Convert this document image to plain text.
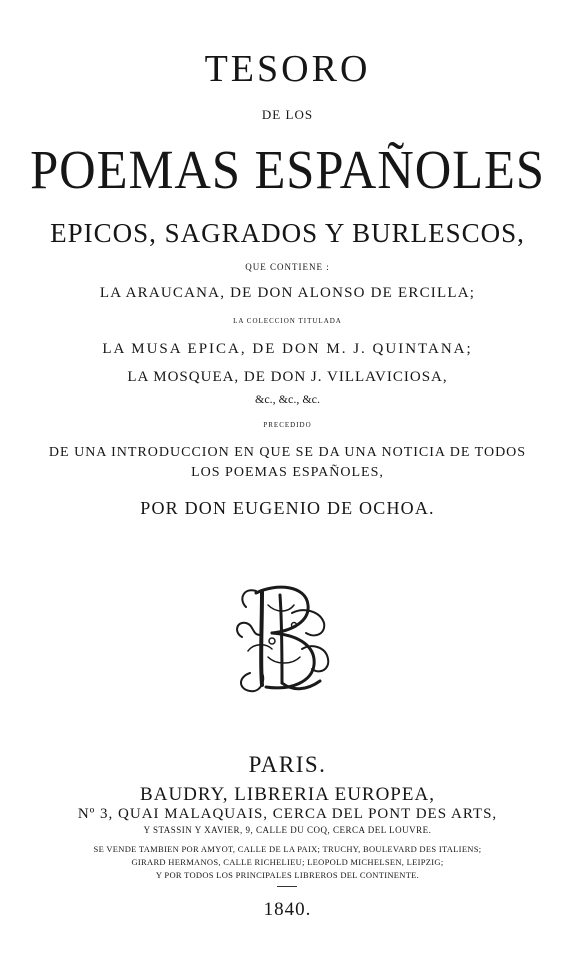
TESORO
DE LOS
POEMAS ESPAÑOLES
EPICOS, SAGRADOS Y BURLESCOS,
QUE CONTIENE :
LA ARAUCANA, DE DON ALONSO DE ERCILLA;
LA COLECCION TITULADA
LA MUSA EPICA, DE DON M. J. QUINTANA;
LA MOSQUEA, DE DON J. VILLAVICIOSA,
&c., &c., &c.
PRECEDIDO
DE UNA INTRODUCCION EN QUE SE DA UNA NOTICIA DE TODOS
LOS POEMAS ESPAÑOLES,
POR DON EUGENIO DE OCHOA.
PARIS.
BAUDRY, LIBRERIA EUROPEA,
Nº 3, QUAI MALAQUAIS, CERCA DEL PONT DES ARTS,
Y STASSIN Y XAVIER, 9, CALLE DU COQ, CERCA DEL LOUVRE.
SE VENDE TAMBIEN POR AMYOT, CALLE DE LA PAIX; TRUCHY, BOULEVARD DES ITALIENS;
GIRARD HERMANOS, CALLE RICHELIEU; LEOPOLD MICHELSEN, LEIPZIG;
Y POR TODOS LOS PRINCIPALES LIBREROS DEL CONTINENTE.
1840.
